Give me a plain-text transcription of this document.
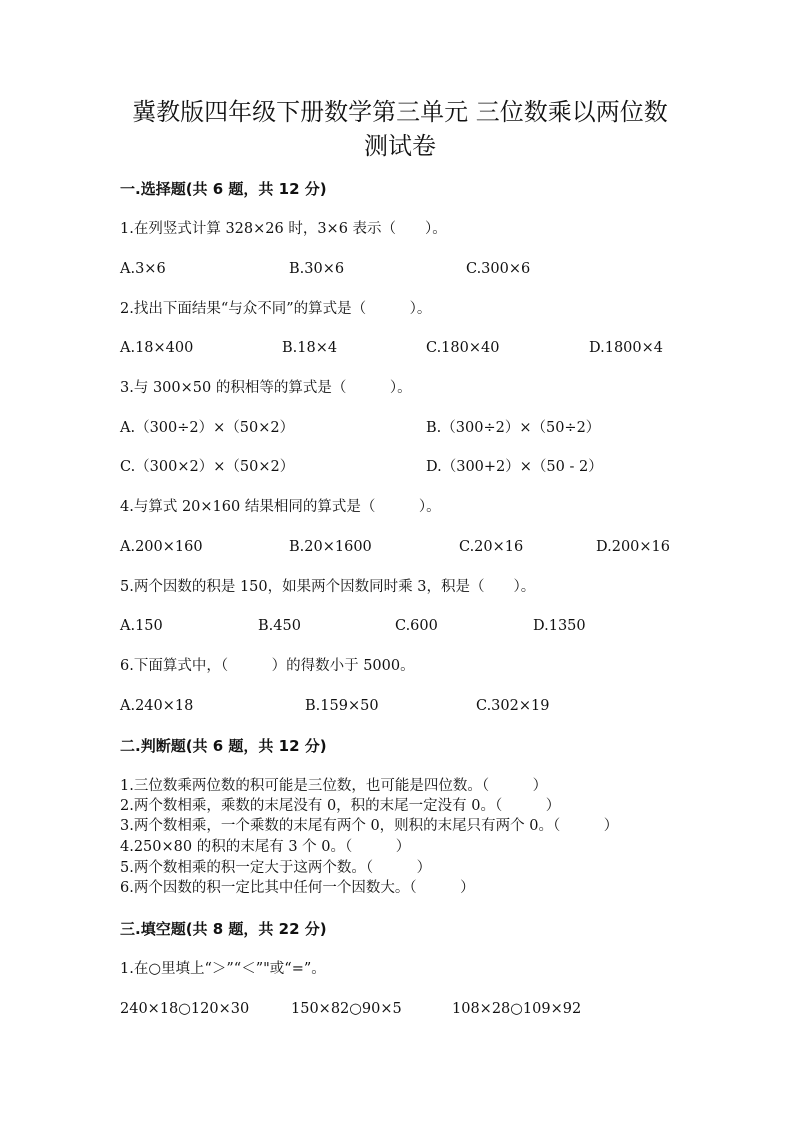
冀教版四年级下册数学第三单元 三位数乘以两位数
测试卷
一.选择题(共 6 题，共 12 分)
1.在列竖式计算 328×26 时，3×6 表示（　　）。
A.3×6	B.30×6	C.300×6
2.找出下面结果“与众不同”的算式是（　　　）。
A.18×400	B.18×4	C.180×40	D.1800×4
3.与 300×50 的积相等的算式是（　　　）。
A.（300÷2）×（50×2）	B.（300÷2）×（50÷2）
C.（300×2）×（50×2）	D.（300+2）×（50 - 2）
4.与算式 20×160 结果相同的算式是（　　　）。
A.200×160	B.20×1600	C.20×16	D.200×16
5.两个因数的积是 150，如果两个因数同时乘 3，积是（　　）。
A.150	B.450	C.600	D.1350
6.下面算式中，（　　　）的得数小于 5000。
A.240×18	B.159×50	C.302×19
二.判断题(共 6 题，共 12 分)
1.三位数乘两位数的积可能是三位数，也可能是四位数。（　　　）
2.两个数相乘，乘数的末尾没有 0，积的末尾一定没有 0。（　　　）
3.两个数相乘，一个乘数的末尾有两个 0，则积的末尾只有两个 0。（　　　）
4.250×80 的积的末尾有 3 个 0。（　　　）
5.两个数相乘的积一定大于这两个数。（　　　）
6.两个因数的积一定比其中任何一个因数大。（　　　）
三.填空题(共 8 题，共 22 分)
1.在○里填上“＞”“＜”"或“=”。
240×18○120×30	150×82○90×5	108×28○109×92
